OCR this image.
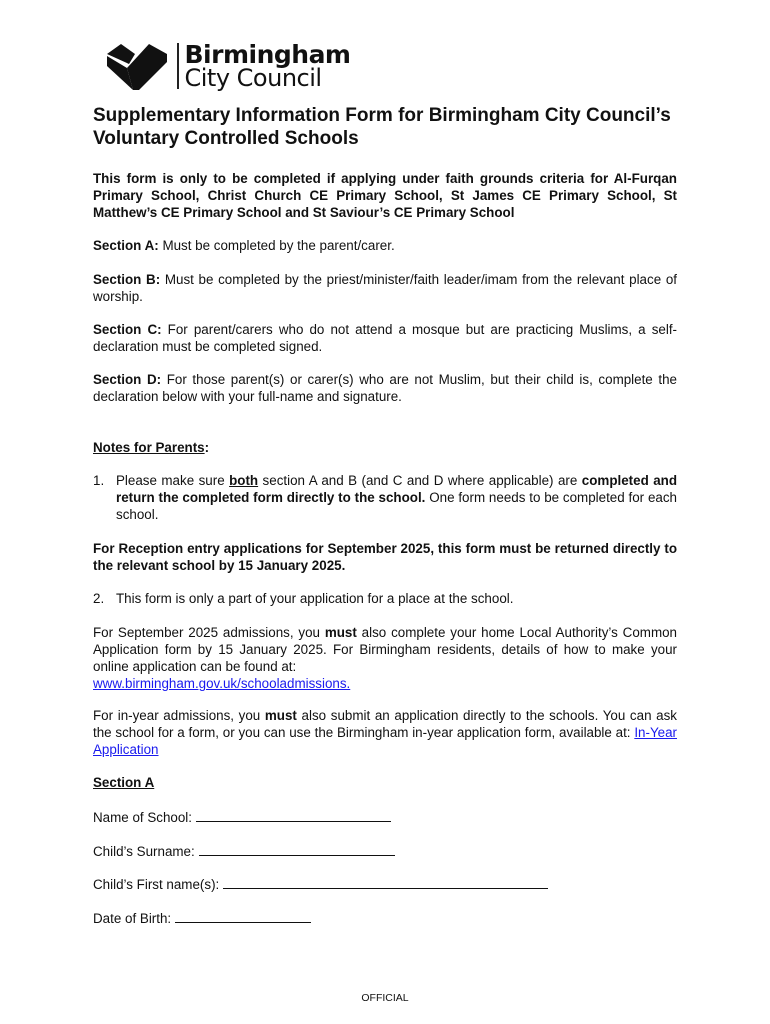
Birmingham
City Council
Supplementary Information Form for Birmingham City Council’s Voluntary Controlled Schools
This form is only to be completed if applying under faith grounds criteria for Al-Furqan Primary School, Christ Church CE Primary School, St James CE Primary School, St Matthew’s CE Primary School and St Saviour’s CE Primary School
Section A: Must be completed by the parent/carer.
Section B: Must be completed by the priest/minister/faith leader/imam from the relevant place of worship.
Section C: For parent/carers who do not attend a mosque but are practicing Muslims, a self-declaration must be completed signed.
Section D: For those parent(s) or carer(s) who are not Muslim, but their child is, complete the declaration below with your full-name and signature.
Notes for Parents:
1. Please make sure both section A and B (and C and D where applicable) are completed and return the completed form directly to the school. One form needs to be completed for each school.
For Reception entry applications for September 2025, this form must be returned directly to the relevant school by 15 January 2025.
2. This form is only a part of your application for a place at the school.
For September 2025 admissions, you must also complete your home Local Authority’s Common Application form by 15 January 2025. For Birmingham residents, details of how to make your online application can be found at:
www.birmingham.gov.uk/schooladmissions.
For in-year admissions, you must also submit an application directly to the schools. You can ask the school for a form, or you can use the Birmingham in-year application form, available at: In-Year Application
Section A
Name of School:
Child’s Surname:
Child’s First name(s):
Date of Birth:
OFFICIAL
